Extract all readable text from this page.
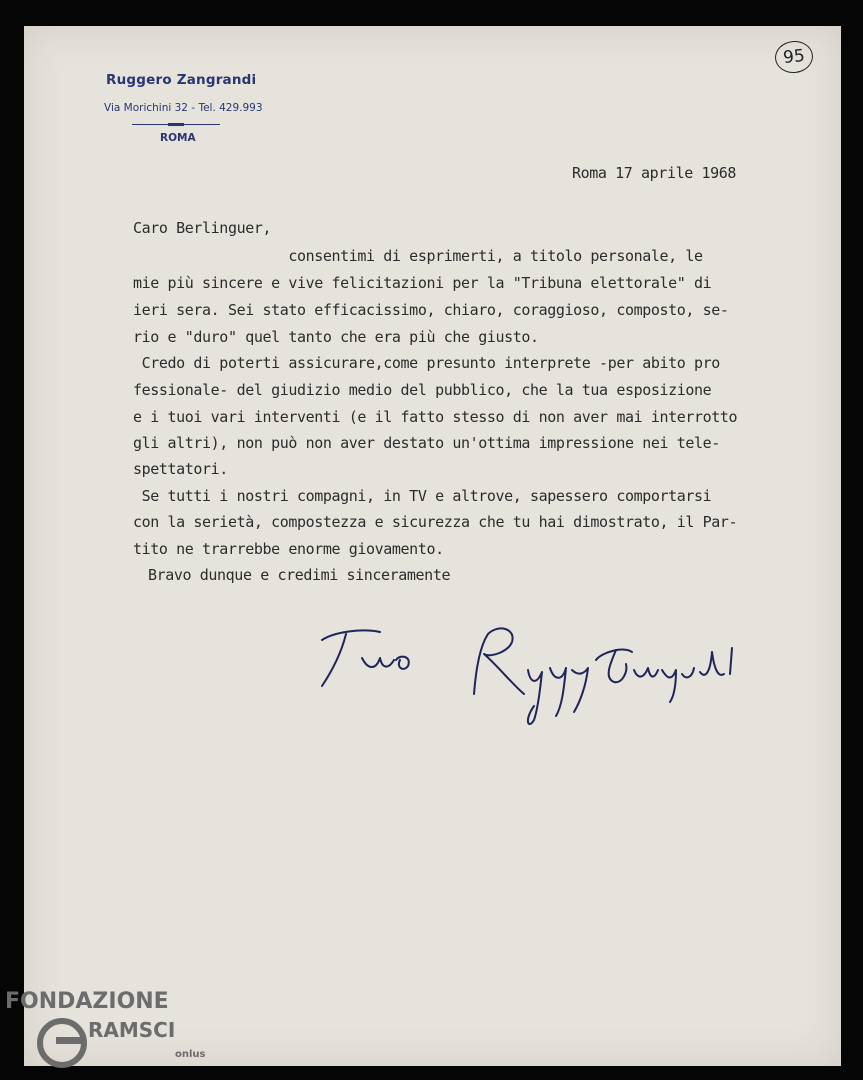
Ruggero Zangrandi
Via Morichini 32 - Tel. 429.993
ROMA
95
Roma 17 aprile 1968
Caro Berlinguer,
consentimi di esprimerti, a titolo personale, le
mie più sincere e vive felicitazioni per la "Tribuna elettorale" di
ieri sera. Sei stato efficacissimo, chiaro, coraggioso, composto, se-
rio e "duro" quel tanto che era più che giusto.
Credo di poterti assicurare,come presunto interprete -per abito pro
fessionale- del giudizio medio del pubblico, che la tua esposizione
e i tuoi vari interventi (e il fatto stesso di non aver mai interrotto
gli altri), non può non aver destato un'ottima impressione nei tele-
spettatori.
Se tutti i nostri compagni, in TV e altrove, sapessero comportarsi
con la serietà, compostezza e sicurezza che tu hai dimostrato, il Par-
tito ne trarrebbe enorme giovamento.
Bravo dunque e credimi sinceramente
FONDAZIONE
RAMSCI
onlus
